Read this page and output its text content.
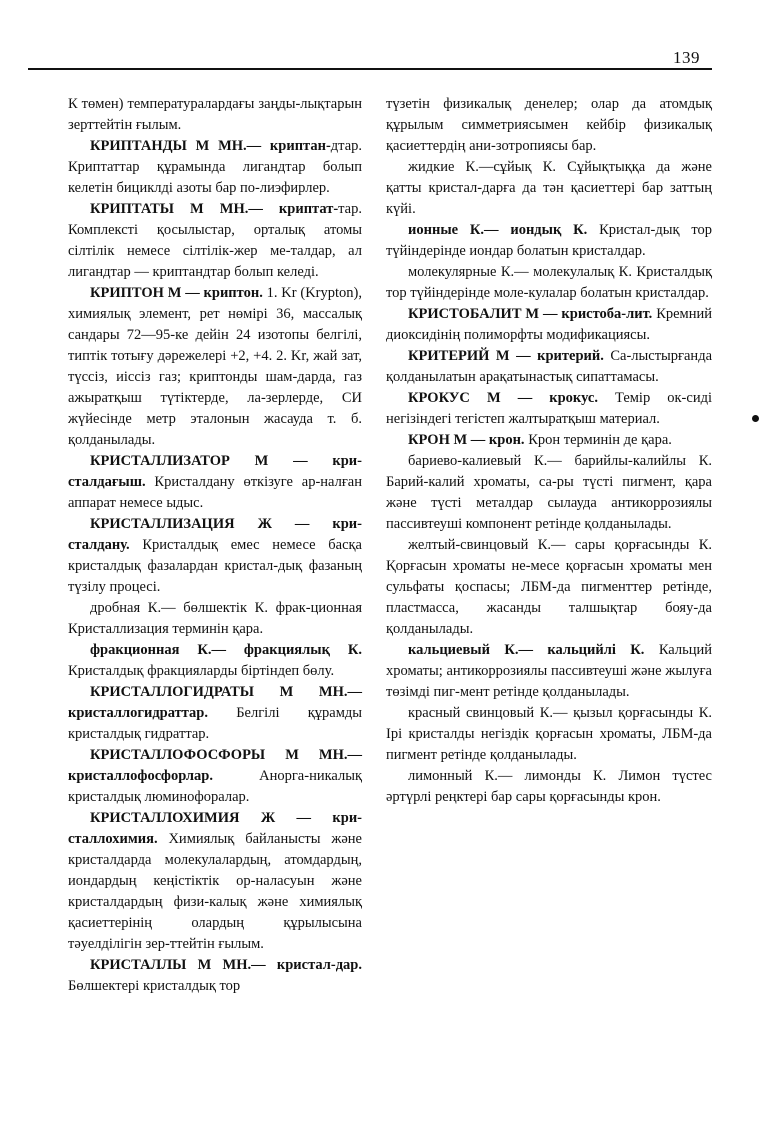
139

К төмен) температуралардағы заңды-лықтарын зерттейтін ғылым.

КРИПТАНДЫ М МН.— криптан-дтар. Криптаттар құрамында лигандтар болып келетін бициклді азоты бар по-лиэфирлер.

КРИПТАТЫ М МН.— криптат-тар. Комплексті қосылыстар, орталық атомы сілтілік немесе сілтілік-жер ме-талдар, ал лигандтар — криптандтар болып келеді.

КРИПТОН М — криптон. 1. Kr (Krypton), химиялық элемент, рет нөмірі 36, массалық сандары 72—95-ке дейін 24 изотопы белгілі, типтік тотығу дәрежелері +2, +4. 2. Kr, жай зат, түссіз, иіссіз газ; криптонды шам-дарда, газ ажыратқыш түтіктерде, ла-зерлерде, СИ жүйесінде метр эталонын жасауда т. б. қолданылады.

КРИСТАЛЛИЗАТОР М — кри-сталдағыш. Кристалдану өткізуге ар-налған аппарат немесе ыдыс.

КРИСТАЛЛИЗАЦИЯ Ж — кри-сталдану. Кристалдық емес немесе басқа кристалдық фазалардан кристал-дық фазаның түзілу процесі.

дробная К.— бөлшектік К. фрак-ционная Кристаллизация терминін қара.

фракционная К.— фракциялық К. Кристалдық фракцияларды біртіндеп бөлу.

КРИСТАЛЛОГИДРАТЫ М МН.— кристаллогидраттар. Белгілі құрамды кристалдық гидраттар.

КРИСТАЛЛОФОСФОРЫ М МН.— кристаллофосфорлар. Анорга-никалық кристалдық люминофоралар.

КРИСТАЛЛОХИМИЯ Ж — кри-сталлохимия. Химиялық байланысты және кристалдарда молекулалардың, атомдардың, иондардың кеңістіктік ор-наласуын және кристалдардың физи-калық және химиялық қасиеттерінің олардың құрылысына тәуелділігін зер-ттейтін ғылым.

КРИСТАЛЛЫ М МН.— кристал-дар. Бөлшектері кристалдық тор

түзетін физикалық денелер; олар да атомдық құрылым симметриясымен кейбір физикалық қасиеттердің ани-зотропиясы бар.

жидкие К.—сұйық К. Сұйықтыққа да және қатты кристал-дарға да тән қасиеттері бар заттың күйі.

ионные К.— иондық К. Кристал-дық тор түйіндерінде иондар болатын кристалдар.

молекулярные К.— молекулалық К. Кристалдық тор түйіндерінде моле-кулалар болатын кристалдар.

КРИСТОБАЛИТ М — кристоба-лит. Кремний диоксидінің полиморфты модификациясы.

КРИТЕРИЙ М — критерий. Са-лыстырғанда қолданылатын арақатынастық сипаттамасы.

КРОКУС М — крокус. Темір ок-сиді негізіндегі тегістеп жалтыратқыш материал.

КРОН М — крон. Крон терминін де қара.

бариево-калиевый К.— барийлы-калийлы К. Барий-калий хроматы, са-ры түсті пигмент, қара және түсті металдар сылауда антикоррозиялы пассивтеуші компонент ретінде қолданылады.

желтый-свинцовый К.— сары қорғасынды К. Қорғасын хроматы не-месе қорғасын хроматы мен сульфаты қоспасы; ЛБМ-да пигменттер ретінде, пластмасса, жасанды талшықтар бояу-да қолданылады.

кальциевый К.— кальцийлі К. Кальций хроматы; антикоррозиялы пассивтеуші және жылуға төзімді пиг-мент ретінде қолданылады.

красный свинцовый К.— қызыл қорғасынды К. Ірі кристалды негіздік қорғасын хроматы, ЛБМ-да пигмент ретінде қолданылады.

лимонный К.— лимонды К. Лимон түстес әртүрлі реңктері бар сары қорғасынды крон.
